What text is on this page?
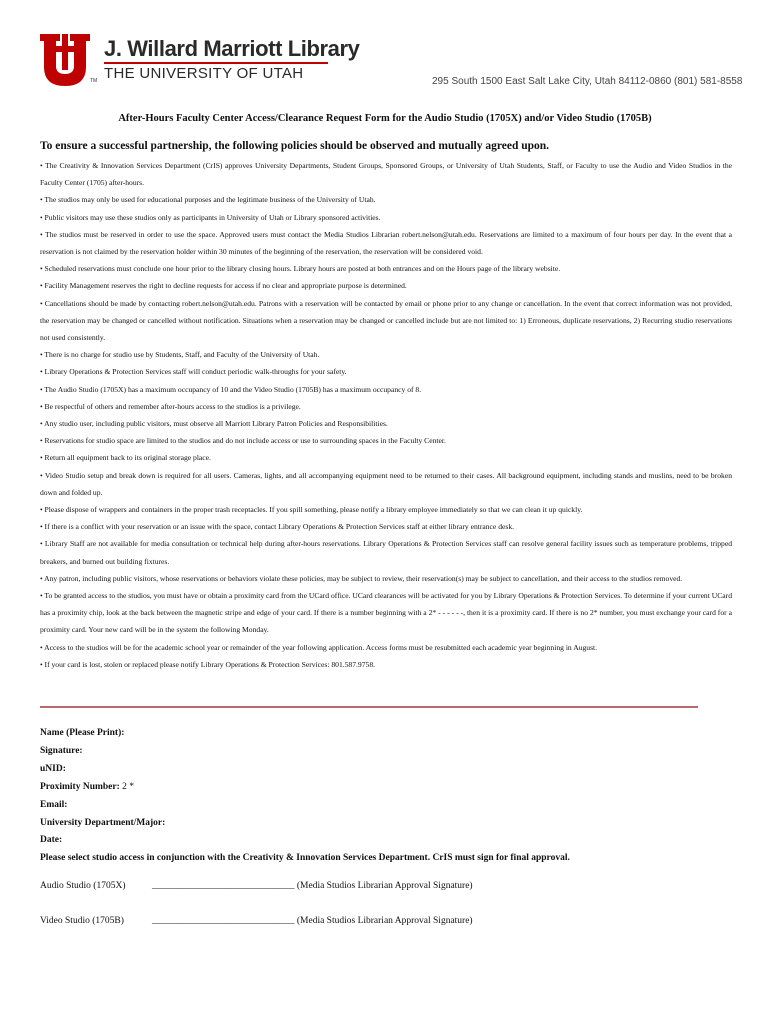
TM
J. Willard Marriott Library
THE UNIVERSITY OF UTAH	295 South 1500 East Salt Lake City, Utah 84112-0860 (801) 581-8558
After-Hours Faculty Center Access/Clearance Request Form for the Audio Studio (1705X) and/or Video Studio (1705B)
To ensure a successful partnership, the following policies should be observed and mutually agreed upon.

• The Creativity & Innovation Services Department (CrIS) approves University Departments, Student Groups, Sponsored Groups, or University of Utah Students, Staff, or Faculty to use the Audio and Video Studios in the Faculty Center (1705) after-hours.

• The studios may only be used for educational purposes and the legitimate business of the University of Utah.

• Public visitors may use these studios only as participants in University of Utah or Library sponsored activities.

• The studios must be reserved in order to use the space. Approved users must contact the Media Studios Librarian robert.nelson@utah.edu. Reservations are limited to a maximum of four hours per day. In the event that a reservation is not claimed by the reservation holder within 30 minutes of the beginning of the reservation, the reservation will be considered void.

• Scheduled reservations must conclude one hour prior to the library closing hours. Library hours are posted at both entrances and on the Hours page of the library website.

• Facility Management reserves the right to decline requests for access if no clear and appropriate purpose is determined.

• Cancellations should be made by contacting robert.nelson@utah.edu. Patrons with a reservation will be contacted by email or phone prior to any change or cancellation. In the event that correct information was not provided, the reservation may be changed or cancelled without notification. Situations when a reservation may be changed or cancelled include but are not limited to: 1) Erroneous, duplicate reservations, 2) Recurring studio reservations not used consistently.

• There is no charge for studio use by Students, Staff, and Faculty of the University of Utah.

• Library Operations & Protection Services staff will conduct periodic walk-throughs for your safety.

• The Audio Studio (1705X) has a maximum occupancy of 10 and the Video Studio (1705B) has a maximum occupancy of 8.

• Be respectful of others and remember after-hours access to the studios is a privilege.

• Any studio user, including public visitors, must observe all Marriott Library Patron Policies and Responsibilities.

• Reservations for studio space are limited to the studios and do not include access or use to surrounding spaces in the Faculty Center.

• Return all equipment back to its original storage place.

• Video Studio setup and break down is required for all users. Cameras, lights, and all accompanying equipment need to be returned to their cases. All background equipment, including stands and muslins, need to be broken down and folded up.

• Please dispose of wrappers and containers in the proper trash receptacles. If you spill something, please notify a library employee immediately so that we can clean it up quickly.

• If there is a conflict with your reservation or an issue with the space, contact Library Operations & Protection Services staff at either library entrance desk.

• Library Staff are not available for media consultation or technical help during after-hours reservations. Library Operations & Protection Services staff can resolve general facility issues such as temperature problems, tripped breakers, and burned out building fixtures.

• Any patron, including public visitors, whose reservations or behaviors violate these policies, may be subject to review, their reservation(s) may be subject to cancellation, and their access to the studios removed.

• To be granted access to the studios, you must have or obtain a proximity card from the UCard office. UCard clearances will be activated for you by Library Operations & Protection Services. To determine if your current UCard has a proximity chip, look at the back between the magnetic stripe and edge of your card. If there is a number beginning with a 2* - - - - - -, then it is a proximity card. If there is no 2* number, you must exchange your card for a proximity card. Your new card will be in the system the following Monday.

• Access to the studios will be for the academic school year or remainder of the year following application. Access forms must be resubmitted each academic year beginning in August.

• If your card is lost, stolen or replaced please notify Library Operations & Protection Services: 801.587.9758.

Name (Please Print):
Signature:
uNID:
Proximity Number: 2 *
Email:
University Department/Major:
Date:
Please select studio access in conjunction with the Creativity & Innovation Services Department. CrIS must sign for final approval.
Audio Studio (1705X)	______________________________ (Media Studios Librarian Approval Signature)
Video Studio (1705B)	______________________________ (Media Studios Librarian Approval Signature)
